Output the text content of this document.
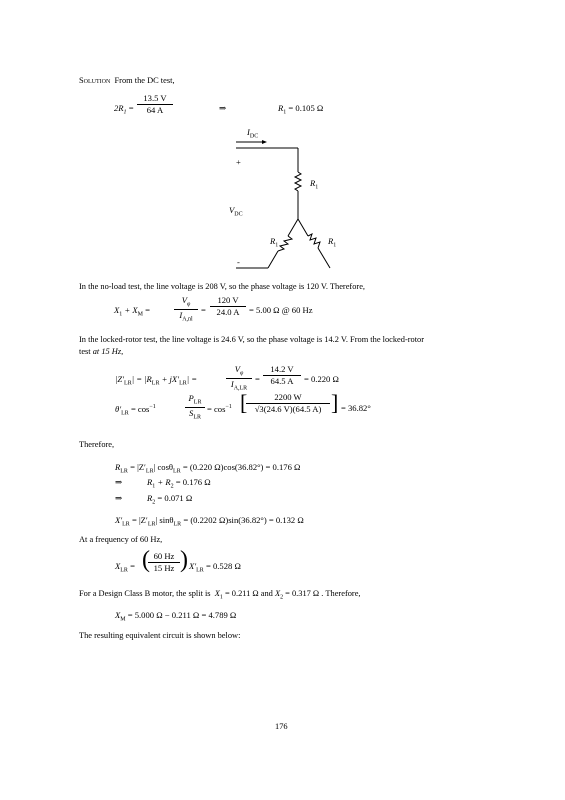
Solution From the DC test,
$2R_1$ =
13.5 V
64 A	⇒	$R_1 = 0.105$ Ω
$I_{DC}$
+
$V_{DC}$
-
$R_1$
$R_1$	$R_1$
In the no-load test, the line voltage is 208 V, so the phase voltage is 120 V. Therefore,
$X_1 + X_M$ =
$V_\varphi$
$I_{A,nl}$
=
120 V
24.0 A	= 5.00 Ω @ 60 Hz
In the locked-rotor test, the line voltage is 24.6 V, so the phase voltage is 14.2 V. From the locked-rotor
test at 15 Hz,
$|Z'_{LR}| = |R_{LR} + jX'_{LR}|$ =
$V_\varphi$
$I_{A,LR}$
=
14.2 V
64.5 A	= 0.220 Ω
$\theta'_{LR} = \cos^{-1}$
$P_{LR}$
$S_{LR}$
= $\cos^{-1}$ [	2200 W
√3(24.6 V)(64.5 A) ] = 36.82°
Therefore,
$R_{LR} = |Z'_{LR}|$ cosθ$_{LR}$ = (0.220 Ω)cos(36.82°) = 0.176 Ω
⇒	$R_1 + R_2 = 0.176$ Ω
⇒	$R_2 = 0.071$ Ω
$X'_{LR} = |Z'_{LR}|$ sinθ$_{LR}$ = (0.2202 Ω)sin(36.82°) = 0.132 Ω
At a frequency of 60 Hz,
$X_{LR}$ = ( 60 Hz
15 Hz ) $X'_{LR} = 0.528$ Ω
For a Design Class B motor, the split is $X_1 = 0.211$ Ω and $X_2 = 0.317$ Ω . Therefore,
$X_M = 5.000$ Ω − 0.211 Ω = 4.789 Ω
The resulting equivalent circuit is shown below:
176
